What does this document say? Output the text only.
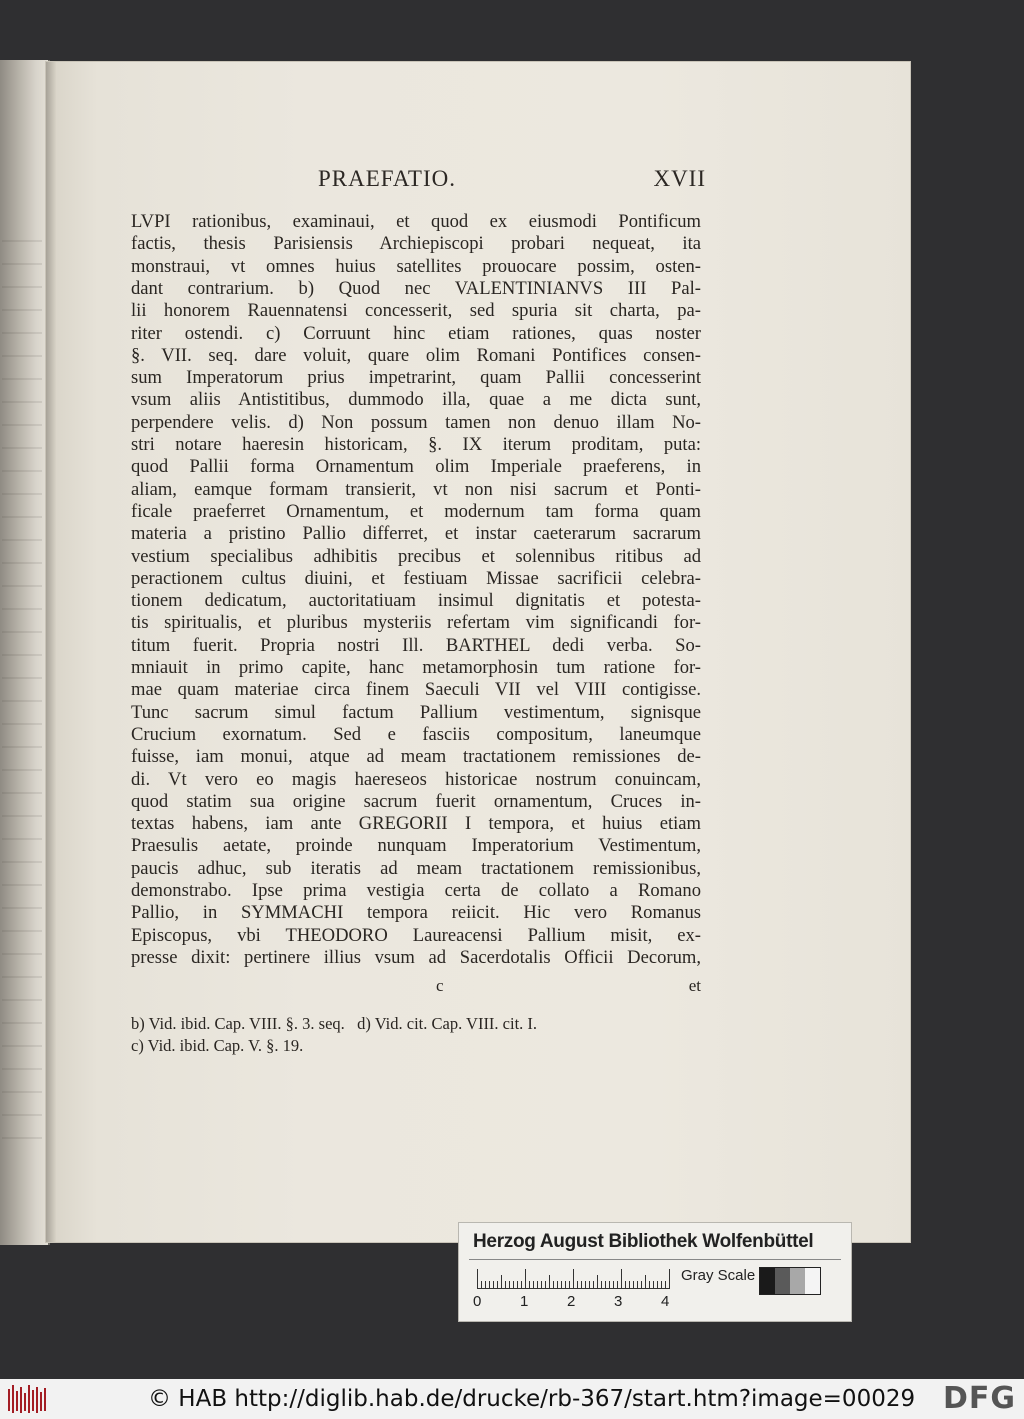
PRAEFATIO.	XVII
LVPI rationibus, examinaui, et quod ex eiusmodi Pontificum
factis, thesis Parisiensis Archiepiscopi probari nequeat, ita
monstraui, vt omnes huius satellites prouocare possim, osten-
dant contrarium. b) Quod nec VALENTINIANVS III Pal-
lii honorem Rauennatensi concesserit, sed spuria sit charta, pa-
riter ostendi. c) Corruunt hinc etiam rationes, quas noster
§. VII. seq. dare voluit, quare olim Romani Pontifices consen-
sum Imperatorum prius impetrarint, quam Pallii concesserint
vsum aliis Antistitibus, dummodo illa, quae a me dicta sunt,
perpendere velis. d) Non possum tamen non denuo illam No-
stri notare haeresin historicam, §. IX iterum proditam, puta:
quod Pallii forma Ornamentum olim Imperiale praeferens, in
aliam, eamque formam transierit, vt non nisi sacrum et Ponti-
ficale praeferret Ornamentum, et modernum tam forma quam
materia a pristino Pallio differret, et instar caeterarum sacrarum
vestium specialibus adhibitis precibus et solennibus ritibus ad
peractionem cultus diuini, et festiuam Missae sacrificii celebra-
tionem dedicatum, auctoritatiuam insimul dignitatis et potesta-
tis spiritualis, et pluribus mysteriis refertam vim significandi for-
titum fuerit. Propria nostri Ill. BARTHEL dedi verba. So-
mniauit in primo capite, hanc metamorphosin tum ratione for-
mae quam materiae circa finem Saeculi VII vel VIII contigisse.
Tunc sacrum simul factum Pallium vestimentum, signisque
Crucium exornatum. Sed e fasciis compositum, laneumque
fuisse, iam monui, atque ad meam tractationem remissiones de-
di. Vt vero eo magis haereseos historicae nostrum conuincam,
quod statim sua origine sacrum fuerit ornamentum, Cruces in-
textas habens, iam ante GREGORII I tempora, et huius etiam
Praesulis aetate, proinde nunquam Imperatorium Vestimentum,
paucis adhuc, sub iteratis ad meam tractationem remissionibus,
demonstrabo. Ipse prima vestigia certa de collato a Romano
Pallio, in SYMMACHI tempora reiicit. Hic vero Romanus
Episcopus, vbi THEODORO Laureacensi Pallium misit, ex-
presse dixit: pertinere illius vsum ad Sacerdotalis Officii Decorum,
c	et
b) Vid. ibid. Cap. VIII. §. 3. seq.   d) Vid. cit. Cap. VIII. cit. I.
c) Vid. ibid. Cap. V. §. 19.
Herzog August Bibliothek Wolfenbüttel
0	1	2	3	4
Gray Scale
© HAB http://diglib.hab.de/drucke/rb-367/start.htm?image=00029 DFG
